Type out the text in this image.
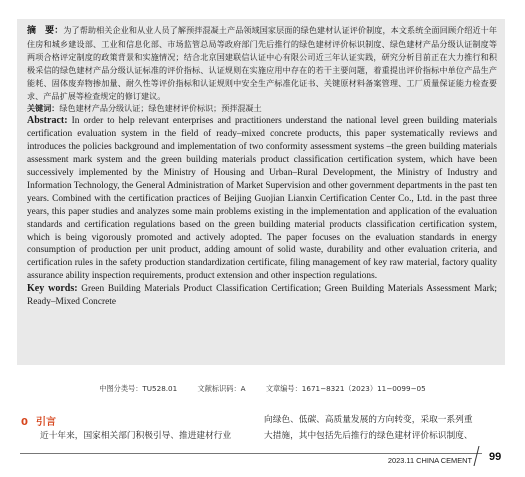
摘　要：为了帮助相关企业和从业人员了解预拌混凝土产品领域国家层面的绿色建材认证评价制度，本文系统全面回顾介绍近十年住房和城乡建设部、工业和信息化部、市场监管总局等政府部门先后推行的绿色建材评价标识制度、绿色建材产品分级认证制度等两项合格评定制度的政策背景和实施情况；结合北京国建联信认证中心有限公司近三年认证实践，研究分析目前正在大力推行和积极采信的绿色建材产品分级认证标准的评价指标、认证规则在实施应用中存在的若干主要问题，着重提出评价指标中单位产品生产能耗、固体废弃物掺加量、耐久性等评价指标和认证规则中安全生产标准化证书、关键原材料备案管理、工厂质量保证能力检查要求、产品扩展等检查规定的修订建议。

关键词：绿色建材产品分级认证；绿色建材评价标识；预拌混凝土

Abstract: In order to help relevant enterprises and practitioners understand the national level green building materials certification evaluation system in the field of ready–mixed concrete products, this paper systematically reviews and introduces the policies background and implementation of two conformity assessment systems –the green building materials assessment mark system and the green building materials product classification certification system, which have been successively implemented by the Ministry of Housing and Urban–Rural Development, the Ministry of Industry and Information Technology, the General Administration of Market Supervision and other government departments in the past ten years. Combined with the certification practices of Beijing Guojian Lianxin Certification Center Co., Ltd. in the past three years, this paper studies and analyzes some main problems existing in the implementation and application of the evaluation standards and certification regulations based on the green building material products classification certification system, which is being vigorously promoted and actively adopted. The paper focuses on the evaluation standards in energy consumption of production per unit product, adding amount of solid waste, durability and other evaluation criteria, and certification rules in the safety production standardization certificate, filing management of key raw material, factory quality assurance ability inspection requirements, product extension and other inspection regulations.

Key words: Green Building Materials Product Classification Certification; Green Building Materials Assessment Mark; Ready–Mixed Concrete

中图分类号：TU528.01	文献标识码：A	文章编号：1671−8321（2023）11−0099−05
0 引言
近十年来，国家相关部门积极引导、推进建材行业
向绿色、低碳、高质量发展的方向转变，采取一系列重
大措施，其中包括先后推行的绿色建材评价标识制度、
2023.11 CHINA CEMENT 99
